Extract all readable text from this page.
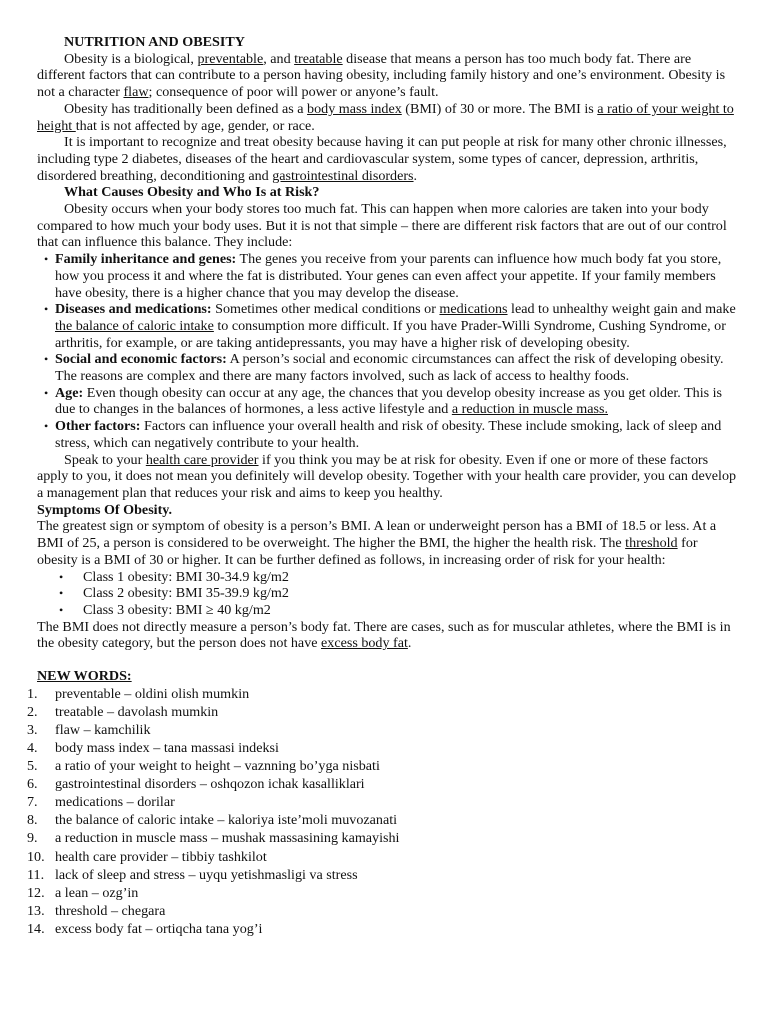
NUTRITION AND OBESITY

Obesity is a biological, preventable, and treatable disease that means a person has too much body fat. There are different factors that can contribute to a person having obesity, including family history and one’s environment. Obesity is not a character flaw; consequence of poor will power or anyone’s fault.

Obesity has traditionally been defined as a body mass index (BMI) of 30 or more. The BMI is a ratio of your weight to height that is not affected by age, gender, or race.

It is important to recognize and treat obesity because having it can put people at risk for many other chronic illnesses, including type 2 diabetes, diseases of the heart and cardiovascular system, some types of cancer, depression, arthritis, disordered breathing, deconditioning and gastrointestinal disorders.

What Causes Obesity and Who Is at Risk?

Obesity occurs when your body stores too much fat. This can happen when more calories are taken into your body compared to how much your body uses. But it is not that simple – there are different risk factors that are out of our control that can influence this balance. They include:

• Family inheritance and genes: The genes you receive from your parents can influence how much body fat you store, how you process it and where the fat is distributed. Your genes can even affect your appetite. If your family members have obesity, there is a higher chance that you may develop the disease.
• Diseases and medications: Sometimes other medical conditions or medications lead to unhealthy weight gain and make the balance of caloric intake to consumption more difficult. If you have Prader-Willi Syndrome, Cushing Syndrome, or arthritis, for example, or are taking antidepressants, you may have a higher risk of developing obesity.
• Social and economic factors: A person’s social and economic circumstances can affect the risk of developing obesity. The reasons are complex and there are many factors involved, such as lack of access to healthy foods.
• Age: Even though obesity can occur at any age, the chances that you develop obesity increase as you get older. This is due to changes in the balances of hormones, a less active lifestyle and a reduction in muscle mass.
• Other factors: Factors can influence your overall health and risk of obesity. These include smoking, lack of sleep and stress, which can negatively contribute to your health.

Speak to your health care provider if you think you may be at risk for obesity. Even if one or more of these factors apply to you, it does not mean you definitely will develop obesity. Together with your health care provider, you can develop a management plan that reduces your risk and aims to keep you healthy.

Symptoms Of Obesity.

The greatest sign or symptom of obesity is a person’s BMI. A lean or underweight person has a BMI of 18.5 or less. At a BMI of 25, a person is considered to be overweight. The higher the BMI, the higher the health risk. The threshold for obesity is a BMI of 30 or higher. It can be further defined as follows, in increasing order of risk for your health:

• Class 1 obesity: BMI 30-34.9 kg/m2
• Class 2 obesity: BMI 35-39.9 kg/m2
• Class 3 obesity: BMI ≥ 40 kg/m2

The BMI does not directly measure a person’s body fat. There are cases, such as for muscular athletes, where the BMI is in the obesity category, but the person does not have excess body fat.

NEW WORDS:

1.	preventable – oldini olish mumkin
2.	treatable – davolash mumkin
3.	flaw – kamchilik
4.	body mass index – tana massasi indeksi
5.	a ratio of your weight to height – vaznning bo’yga nisbati
6.	gastrointestinal disorders – oshqozon ichak kasalliklari
7.	medications – dorilar
8.	the balance of caloric intake – kaloriya iste’moli muvozanati
9.	a reduction in muscle mass – mushak massasining kamayishi
10. health care provider – tibbiy tashkilot
11. lack of sleep and stress – uyqu yetishmasligi va stress
12. a lean – ozg’in
13. threshold – chegara
14. excess body fat – ortiqcha tana yog’i
